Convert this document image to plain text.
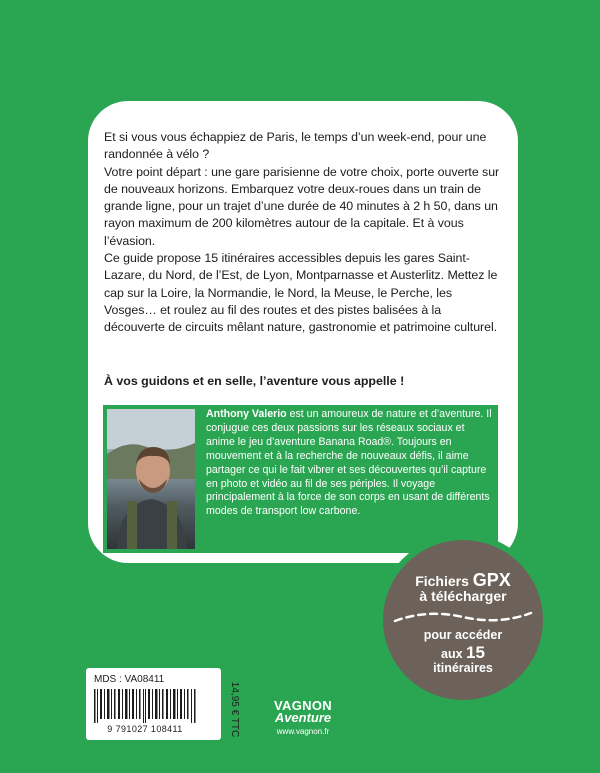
Et si vous vous échappiez de Paris, le temps d’un week-end, pour une randonnée à vélo ?

Votre point départ : une gare parisienne de votre choix, porte ouverte sur de nouveaux horizons. Embarquez votre deux-roues dans un train de grande ligne, pour un trajet d’une durée de 40 minutes à 2 h 50, dans un rayon maximum de 200 kilomètres autour de la capitale. Et à vous l’évasion.

Ce guide propose 15 itinéraires accessibles depuis les gares Saint-Lazare, du Nord, de l’Est, de Lyon, Montparnasse et Austerlitz. Mettez le cap sur la Loire, la Normandie, le Nord, la Meuse, le Perche, les Vosges… et roulez au fil des routes et des pistes balisées à la découverte de circuits mêlant nature, gastronomie et patrimoine culturel.

À vos guidons et en selle, l’aventure vous appelle !
Anthony Valerio est un amoureux de nature et d’aventure. Il conjugue ces deux passions sur les réseaux sociaux et anime le jeu d’aventure Banana Road®. Toujours en mouvement et à la recherche de nouveaux défis, il aime partager ce qui le fait vibrer et ses découvertes qu’il capture en photo et vidéo au fil de ses périples. Il voyage principalement à la force de son corps en usant de différents modes de transport low carbone.
Fichiers GPX
à télécharger
pour accéder
aux 15
itinéraires
MDS : VA08411
9 791027 108411	14,95 € TTC	VAGNON
Aventure
www.vagnon.fr
